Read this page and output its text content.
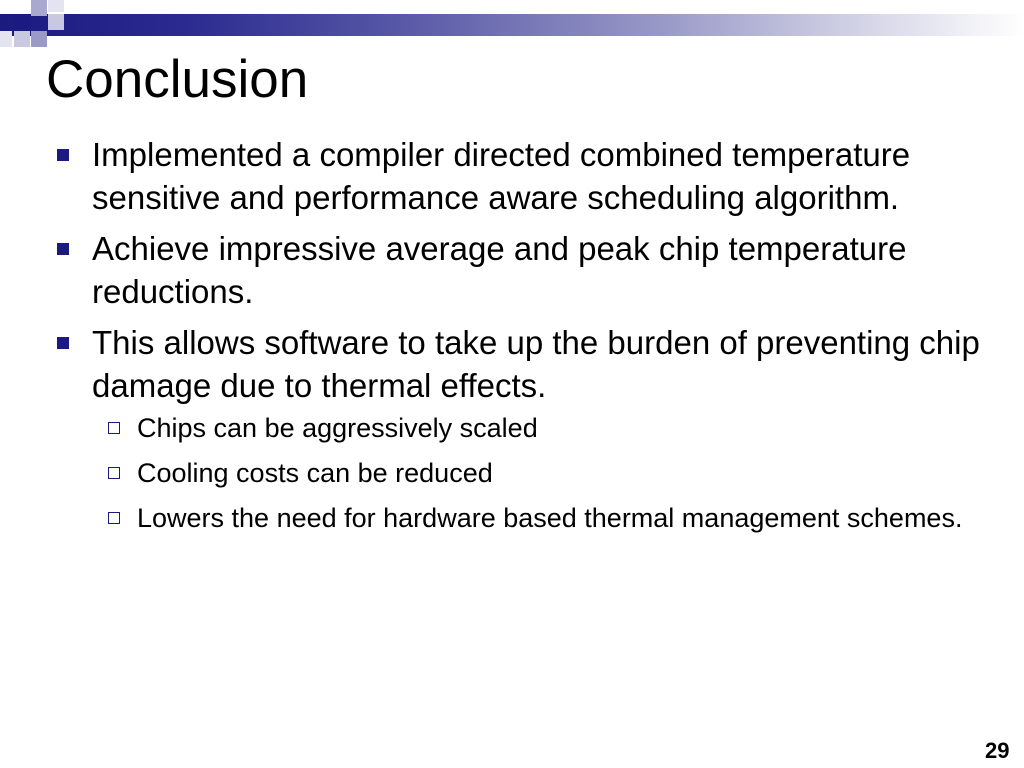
Conclusion
Implemented a compiler directed combined temperature sensitive and performance aware scheduling algorithm.
Achieve impressive average and peak chip temperature reductions.
This allows software to take up the burden of preventing chip damage due to thermal effects.
Chips can be aggressively scaled
Cooling costs can be reduced
Lowers the need for hardware based thermal management schemes.
29
